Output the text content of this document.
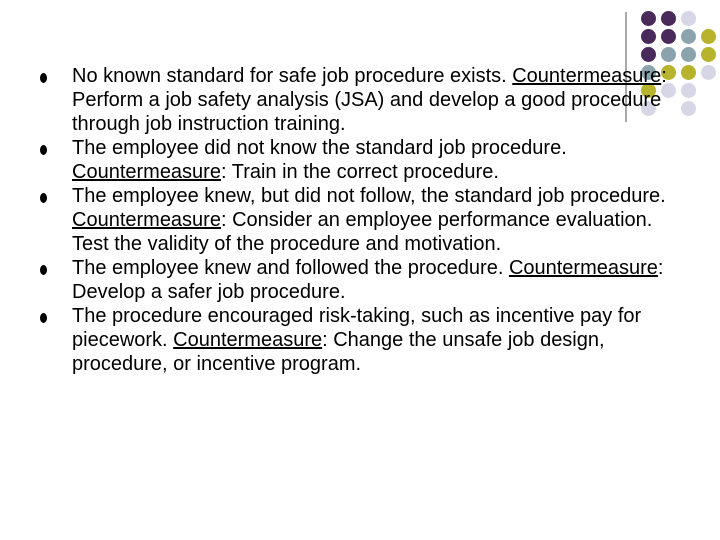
No known standard for safe job procedure exists. Countermeasure: Perform a job safety analysis (JSA) and develop a good procedure through job instruction training.
The employee did not know the standard job procedure. Countermeasure: Train in the correct procedure.
The employee knew, but did not follow, the standard job procedure. Countermeasure: Consider an employee performance evaluation. Test the validity of the procedure and motivation.
The employee knew and followed the procedure. Countermeasure: Develop a safer job procedure.
The procedure encouraged risk-taking, such as incentive pay for piecework. Countermeasure: Change the unsafe job design, procedure, or incentive program.
